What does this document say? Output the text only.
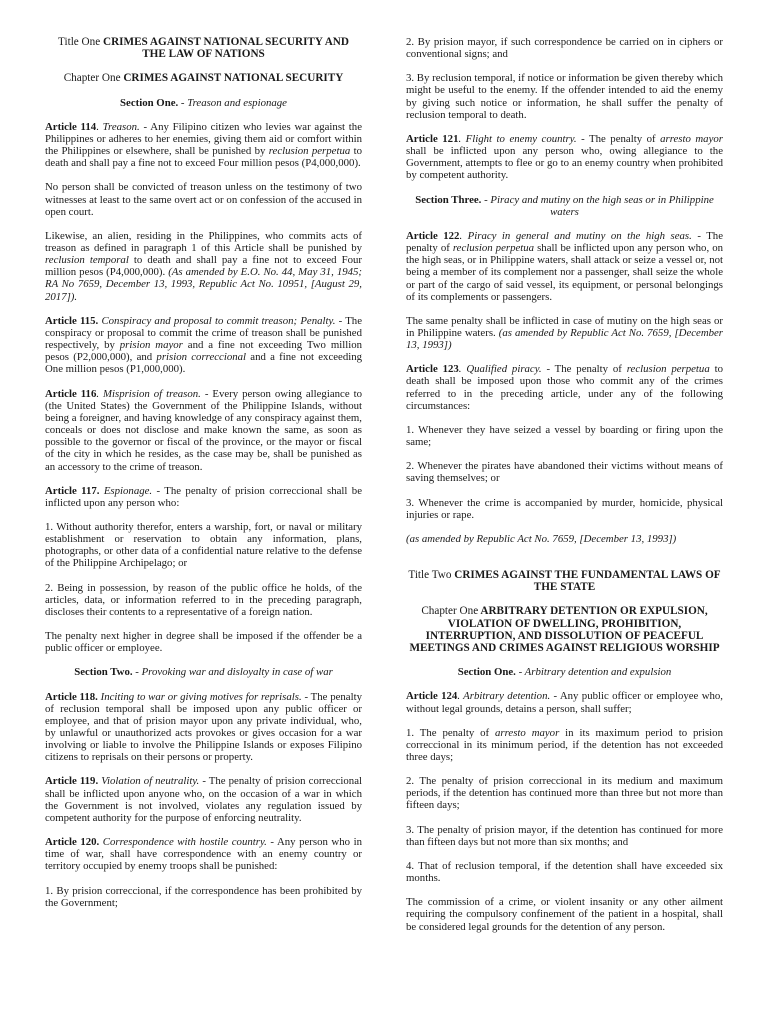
Title One CRIMES AGAINST NATIONAL SECURITY AND THE LAW OF NATIONS

Chapter One CRIMES AGAINST NATIONAL SECURITY

Section One. - Treason and espionage

Article 114. Treason. - Any Filipino citizen who levies war against the Philippines or adheres to her enemies, giving them aid or comfort within the Philippines or elsewhere, shall be punished by reclusion perpetua to death and shall pay a fine not to exceed Four million pesos (P4,000,000).

No person shall be convicted of treason unless on the testimony of two witnesses at least to the same overt act or on confession of the accused in open court.

Likewise, an alien, residing in the Philippines, who commits acts of treason as defined in paragraph 1 of this Article shall be punished by reclusion temporal to death and shall pay a fine not to exceed Four million pesos (P4,000,000). (As amended by E.O. No. 44, May 31, 1945; RA No 7659, December 13, 1993, Republic Act No. 10951, [August 29, 2017]).

Article 115. Conspiracy and proposal to commit treason; Penalty. - The conspiracy or proposal to commit the crime of treason shall be punished respectively, by prision mayor and a fine not exceeding Two million pesos (P2,000,000), and prision correccional and a fine not exceeding One million pesos (P1,000,000).

Article 116. Misprision of treason. - Every person owing allegiance to (the United States) the Government of the Philippine Islands, without being a foreigner, and having knowledge of any conspiracy against them, conceals or does not disclose and make known the same, as soon as possible to the governor or fiscal of the province, or the mayor or fiscal of the city in which he resides, as the case may be, shall be punished as an accessory to the crime of treason.

Article 117. Espionage. - The penalty of prision correccional shall be inflicted upon any person who:

1. Without authority therefor, enters a warship, fort, or naval or military establishment or reservation to obtain any information, plans, photographs, or other data of a confidential nature relative to the defense of the Philippine Archipelago; or

2. Being in possession, by reason of the public office he holds, of the articles, data, or information referred to in the preceding paragraph, discloses their contents to a representative of a foreign nation.

The penalty next higher in degree shall be imposed if the offender be a public officer or employee.

Section Two. - Provoking war and disloyalty in case of war

Article 118. Inciting to war or giving motives for reprisals. - The penalty of reclusion temporal shall be imposed upon any public officer or employee, and that of prision mayor upon any private individual, who, by unlawful or unauthorized acts provokes or gives occasion for a war involving or liable to involve the Philippine Islands or exposes Filipino citizens to reprisals on their persons or property.

Article 119. Violation of neutrality. - The penalty of prision correccional shall be inflicted upon anyone who, on the occasion of a war in which the Government is not involved, violates any regulation issued by competent authority for the purpose of enforcing neutrality.

Article 120. Correspondence with hostile country. - Any person who in time of war, shall have correspondence with an enemy country or territory occupied by enemy troops shall be punished:

1. By prision correccional, if the correspondence has been prohibited by the Government;

2. By prision mayor, if such correspondence be carried on in ciphers or conventional signs; and

3. By reclusion temporal, if notice or information be given thereby which might be useful to the enemy. If the offender intended to aid the enemy by giving such notice or information, he shall suffer the penalty of reclusion temporal to death.

Article 121. Flight to enemy country. - The penalty of arresto mayor shall be inflicted upon any person who, owing allegiance to the Government, attempts to flee or go to an enemy country when prohibited by competent authority.

Section Three. - Piracy and mutiny on the high seas or in Philippine waters

Article 122. Piracy in general and mutiny on the high seas. - The penalty of reclusion perpetua shall be inflicted upon any person who, on the high seas, or in Philippine waters, shall attack or seize a vessel or, not being a member of its complement nor a passenger, shall seize the whole or part of the cargo of said vessel, its equipment, or personal belongings of its complements or passengers.

The same penalty shall be inflicted in case of mutiny on the high seas or in Philippine waters. (as amended by Republic Act No. 7659, [December 13, 1993])

Article 123. Qualified piracy. - The penalty of reclusion perpetua to death shall be imposed upon those who commit any of the crimes referred to in the preceding article, under any of the following circumstances:

1. Whenever they have seized a vessel by boarding or firing upon the same;

2. Whenever the pirates have abandoned their victims without means of saving themselves; or

3. Whenever the crime is accompanied by murder, homicide, physical injuries or rape.

(as amended by Republic Act No. 7659, [December 13, 1993])

Title Two CRIMES AGAINST THE FUNDAMENTAL LAWS OF THE STATE

Chapter One ARBITRARY DETENTION OR EXPULSION, VIOLATION OF DWELLING, PROHIBITION, INTERRUPTION, AND DISSOLUTION OF PEACEFUL MEETINGS AND CRIMES AGAINST RELIGIOUS WORSHIP

Section One. - Arbitrary detention and expulsion

Article 124. Arbitrary detention. - Any public officer or employee who, without legal grounds, detains a person, shall suffer;

1. The penalty of arresto mayor in its maximum period to prision correccional in its minimum period, if the detention has not exceeded three days;

2. The penalty of prision correccional in its medium and maximum periods, if the detention has continued more than three but not more than fifteen days;

3. The penalty of prision mayor, if the detention has continued for more than fifteen days but not more than six months; and

4. That of reclusion temporal, if the detention shall have exceeded six months.

The commission of a crime, or violent insanity or any other ailment requiring the compulsory confinement of the patient in a hospital, shall be considered legal grounds for the detention of any person.
